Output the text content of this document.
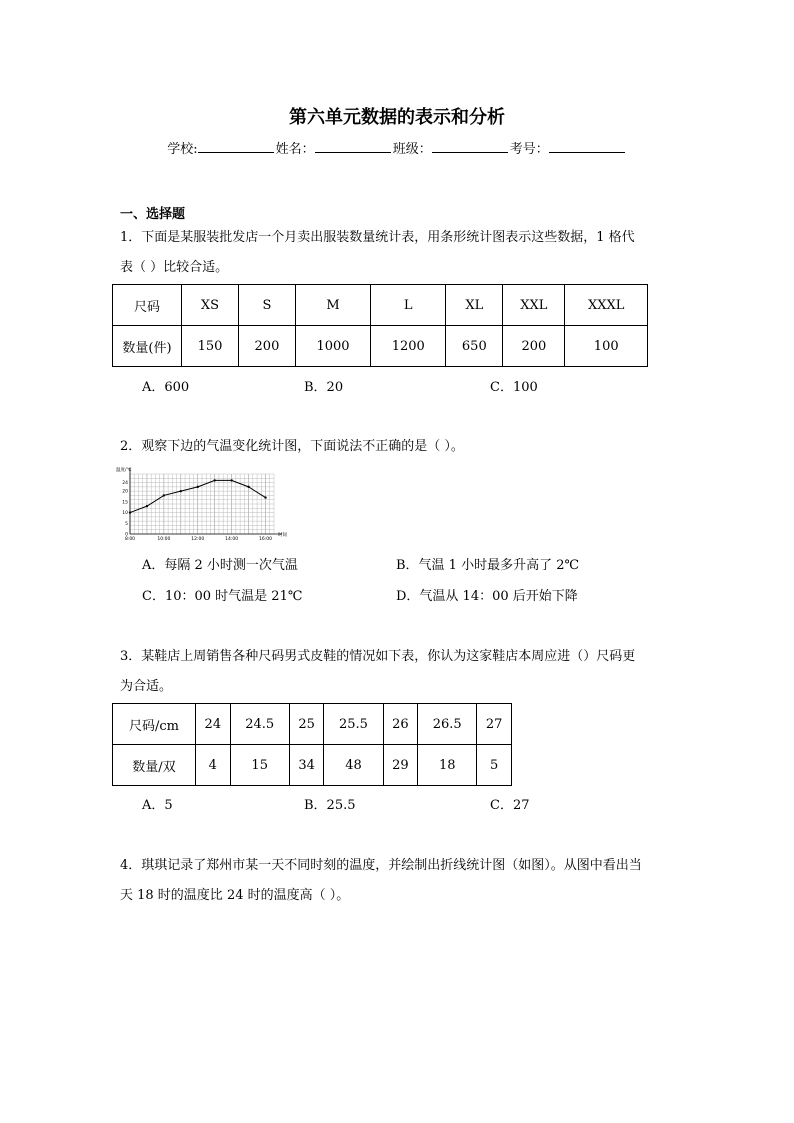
第六单元数据的表示和分析
学校:	姓名：	班级：	考号：
一、选择题
1．下面是某服装批发店一个月卖出服装数量统计表，用条形统计图表示这些数据，1 格代
表（ ）比较合适。
尺码	XS	S	M	L	XL	XXL	XXXL
数量(件)	150	200	1000	1200	650	200	100
A．600	B．20	C．100
2．观察下边的气温变化统计图，下面说法不正确的是（ ）。
温度/℃
时间
0
5
10
15
20
24
8:00	10:00	12:00	14:00	16:00
A．每隔 2 小时测一次气温	B．气温 1 小时最多升高了 2℃
C．10：00 时气温是 21℃	D．气温从 14：00 后开始下降
3．某鞋店上周销售各种尺码男式皮鞋的情况如下表，你认为这家鞋店本周应进（）尺码更
为合适。
尺码/cm	24	24.5	25	25.5	26	26.5	27
数量/双	4	15	34	48	29	18	5
A．5	B．25.5	C．27
4．琪琪记录了郑州市某一天不同时刻的温度，并绘制出折线统计图（如图）。从图中看出当
天 18 时的温度比 24 时的温度高（ ）。
